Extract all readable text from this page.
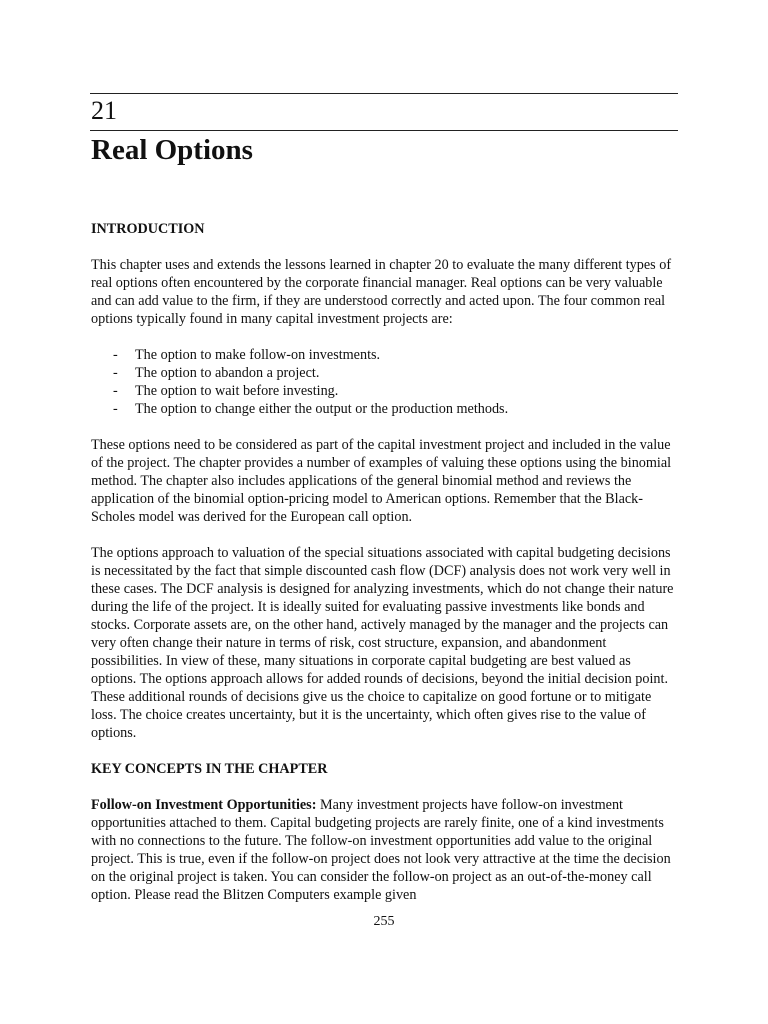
21
Real Options
INTRODUCTION

This chapter uses and extends the lessons learned in chapter 20 to evaluate the many different types of real options often encountered by the corporate financial manager. Real options can be very valuable and can add value to the firm, if they are understood correctly and acted upon. The four common real options typically found in many capital investment projects are:

- The option to make follow-on investments.
- The option to abandon a project.
- The option to wait before investing.
- The option to change either the output or the production methods.

These options need to be considered as part of the capital investment project and included in the value of the project. The chapter provides a number of examples of valuing these options using the binomial method. The chapter also includes applications of the general binomial method and reviews the application of the binomial option-pricing model to American options. Remember that the Black-Scholes model was derived for the European call option.

The options approach to valuation of the special situations associated with capital budgeting decisions is necessitated by the fact that simple discounted cash flow (DCF) analysis does not work very well in these cases. The DCF analysis is designed for analyzing investments, which do not change their nature during the life of the project. It is ideally suited for evaluating passive investments like bonds and stocks. Corporate assets are, on the other hand, actively managed by the manager and the projects can very often change their nature in terms of risk, cost structure, expansion, and abandonment possibilities. In view of these, many situations in corporate capital budgeting are best valued as options. The options approach allows for added rounds of decisions, beyond the initial decision point. These additional rounds of decisions give us the choice to capitalize on good fortune or to mitigate loss. The choice creates uncertainty, but it is the uncertainty, which often gives rise to the value of options.

KEY CONCEPTS IN THE CHAPTER

Follow-on Investment Opportunities: Many investment projects have follow-on investment opportunities attached to them. Capital budgeting projects are rarely finite, one of a kind investments with no connections to the future. The follow-on investment opportunities add value to the original project. This is true, even if the follow-on project does not look very attractive at the time the decision on the original project is taken. You can consider the follow-on project as an out-of-the-money call option. Please read the Blitzen Computers example given

255
